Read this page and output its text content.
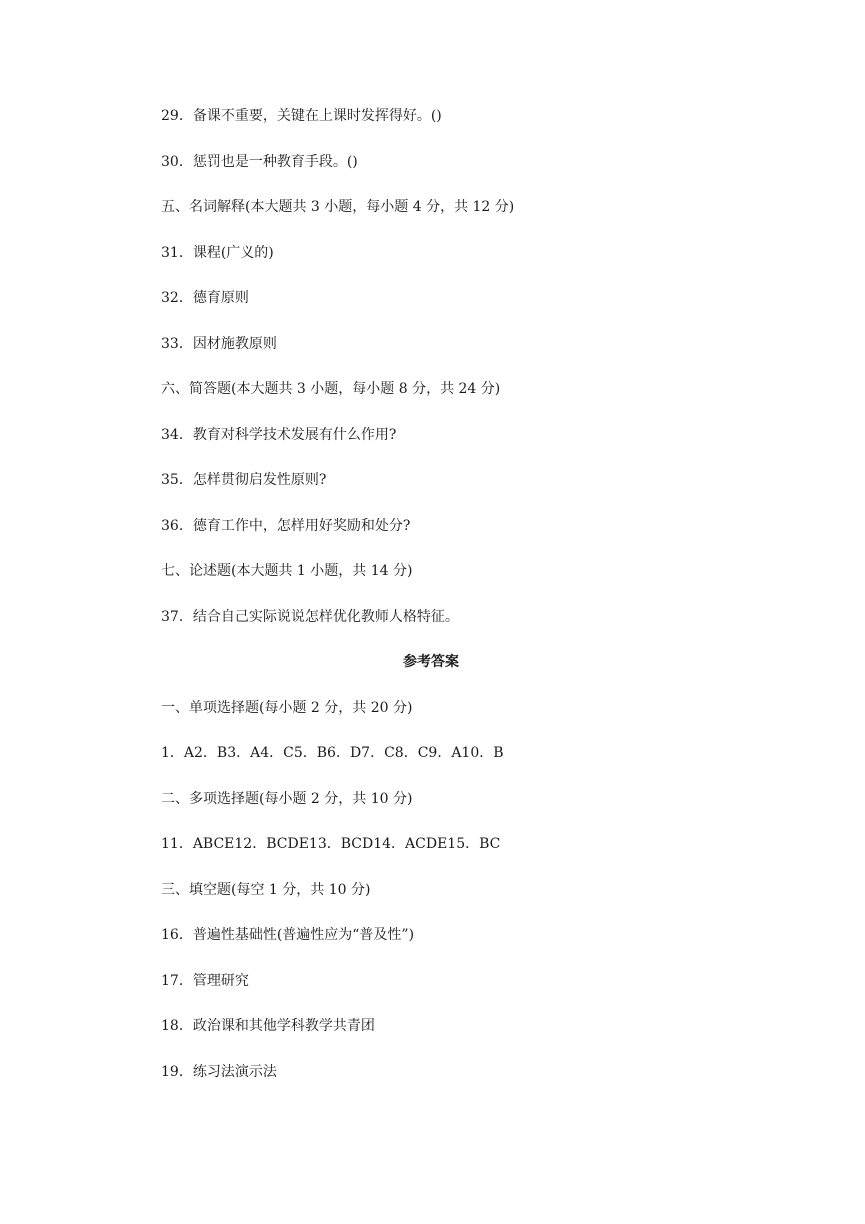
29．备课不重要，关键在上课时发挥得好。()
30．惩罚也是一种教育手段。()
五、名词解释(本大题共 3 小题，每小题 4 分，共 12 分)
31．课程(广义的)
32．德育原则
33．因材施教原则
六、简答题(本大题共 3 小题，每小题 8 分，共 24 分)
34．教育对科学技术发展有什么作用?
35．怎样贯彻启发性原则?
36．德育工作中，怎样用好奖励和处分?
七、论述题(本大题共 1 小题，共 14 分)
37．结合自己实际说说怎样优化教师人格特征。
参考答案
一、单项选择题(每小题 2 分，共 20 分)
1．A2．B3．A4．C5．B6．D7．C8．C9．A10．B
二、多项选择题(每小题 2 分，共 10 分)
11．ABCE12．BCDE13．BCD14．ACDE15．BC
三、填空题(每空 1 分，共 10 分)
16．普遍性基础性(普遍性应为“普及性”)
17．管理研究
18．政治课和其他学科教学共青团
19．练习法演示法
